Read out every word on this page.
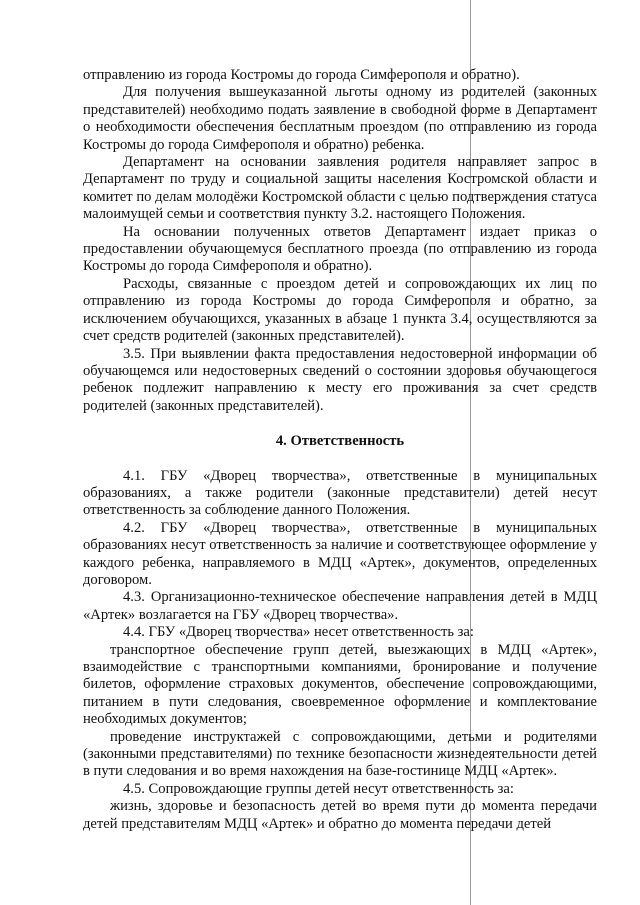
отправлению из города Костромы до города Симферополя и обратно).

Для получения вышеуказанной льготы одному из родителей (законных представителей) необходимо подать заявление в свободной форме в Департамент о необходимости обеспечения бесплатным проездом (по отправлению из города Костромы до города Симферополя и обратно) ребенка.

Департамент на основании заявления родителя направляет запрос в Департамент по труду и социальной защиты населения Костромской области и комитет по делам молодёжи Костромской области с целью подтверждения статуса малоимущей семьи и соответствия пункту 3.2. настоящего Положения.

На основании полученных ответов Департамент издает приказ о предоставлении обучающемуся бесплатного проезда (по отправлению из города Костромы до города Симферополя и обратно).

Расходы, связанные с проездом детей и сопровождающих их лиц по отправлению из города Костромы до города Симферополя и обратно, за исключением обучающихся, указанных в абзаце 1 пункта 3.4, осуществляются за счет средств родителей (законных представителей).

3.5. При выявлении факта предоставления недостоверной информации об обучающемся или недостоверных сведений о состоянии здоровья обучающегося ребенок подлежит направлению к месту его проживания за счет средств родителей (законных представителей).

4. Ответственность

4.1. ГБУ «Дворец творчества», ответственные в муниципальных образованиях, а также родители (законные представители) детей несут ответственность за соблюдение данного Положения.

4.2. ГБУ «Дворец творчества», ответственные в муниципальных образованиях несут ответственность за наличие и соответствующее оформление у каждого ребенка, направляемого в МДЦ «Артек», документов, определенных договором.

4.3. Организационно-техническое обеспечение направления детей в МДЦ «Артек» возлагается на ГБУ «Дворец творчества».

4.4. ГБУ «Дворец творчества» несет ответственность за:

транспортное обеспечение групп детей, выезжающих в МДЦ «Артек», взаимодействие с транспортными компаниями, бронирование и получение билетов, оформление страховых документов, обеспечение сопровождающими, питанием в пути следования, своевременное оформление и комплектование необходимых документов;

проведение инструктажей с сопровождающими, детьми и родителями (законными представителями) по технике безопасности жизнедеятельности детей в пути следования и во время нахождения на базе-гостинице МДЦ «Артек».

4.5. Сопровождающие группы детей несут ответственность за:

жизнь, здоровье и безопасность детей во время пути до момента передачи детей представителям МДЦ «Артек» и обратно до момента передачи детей
